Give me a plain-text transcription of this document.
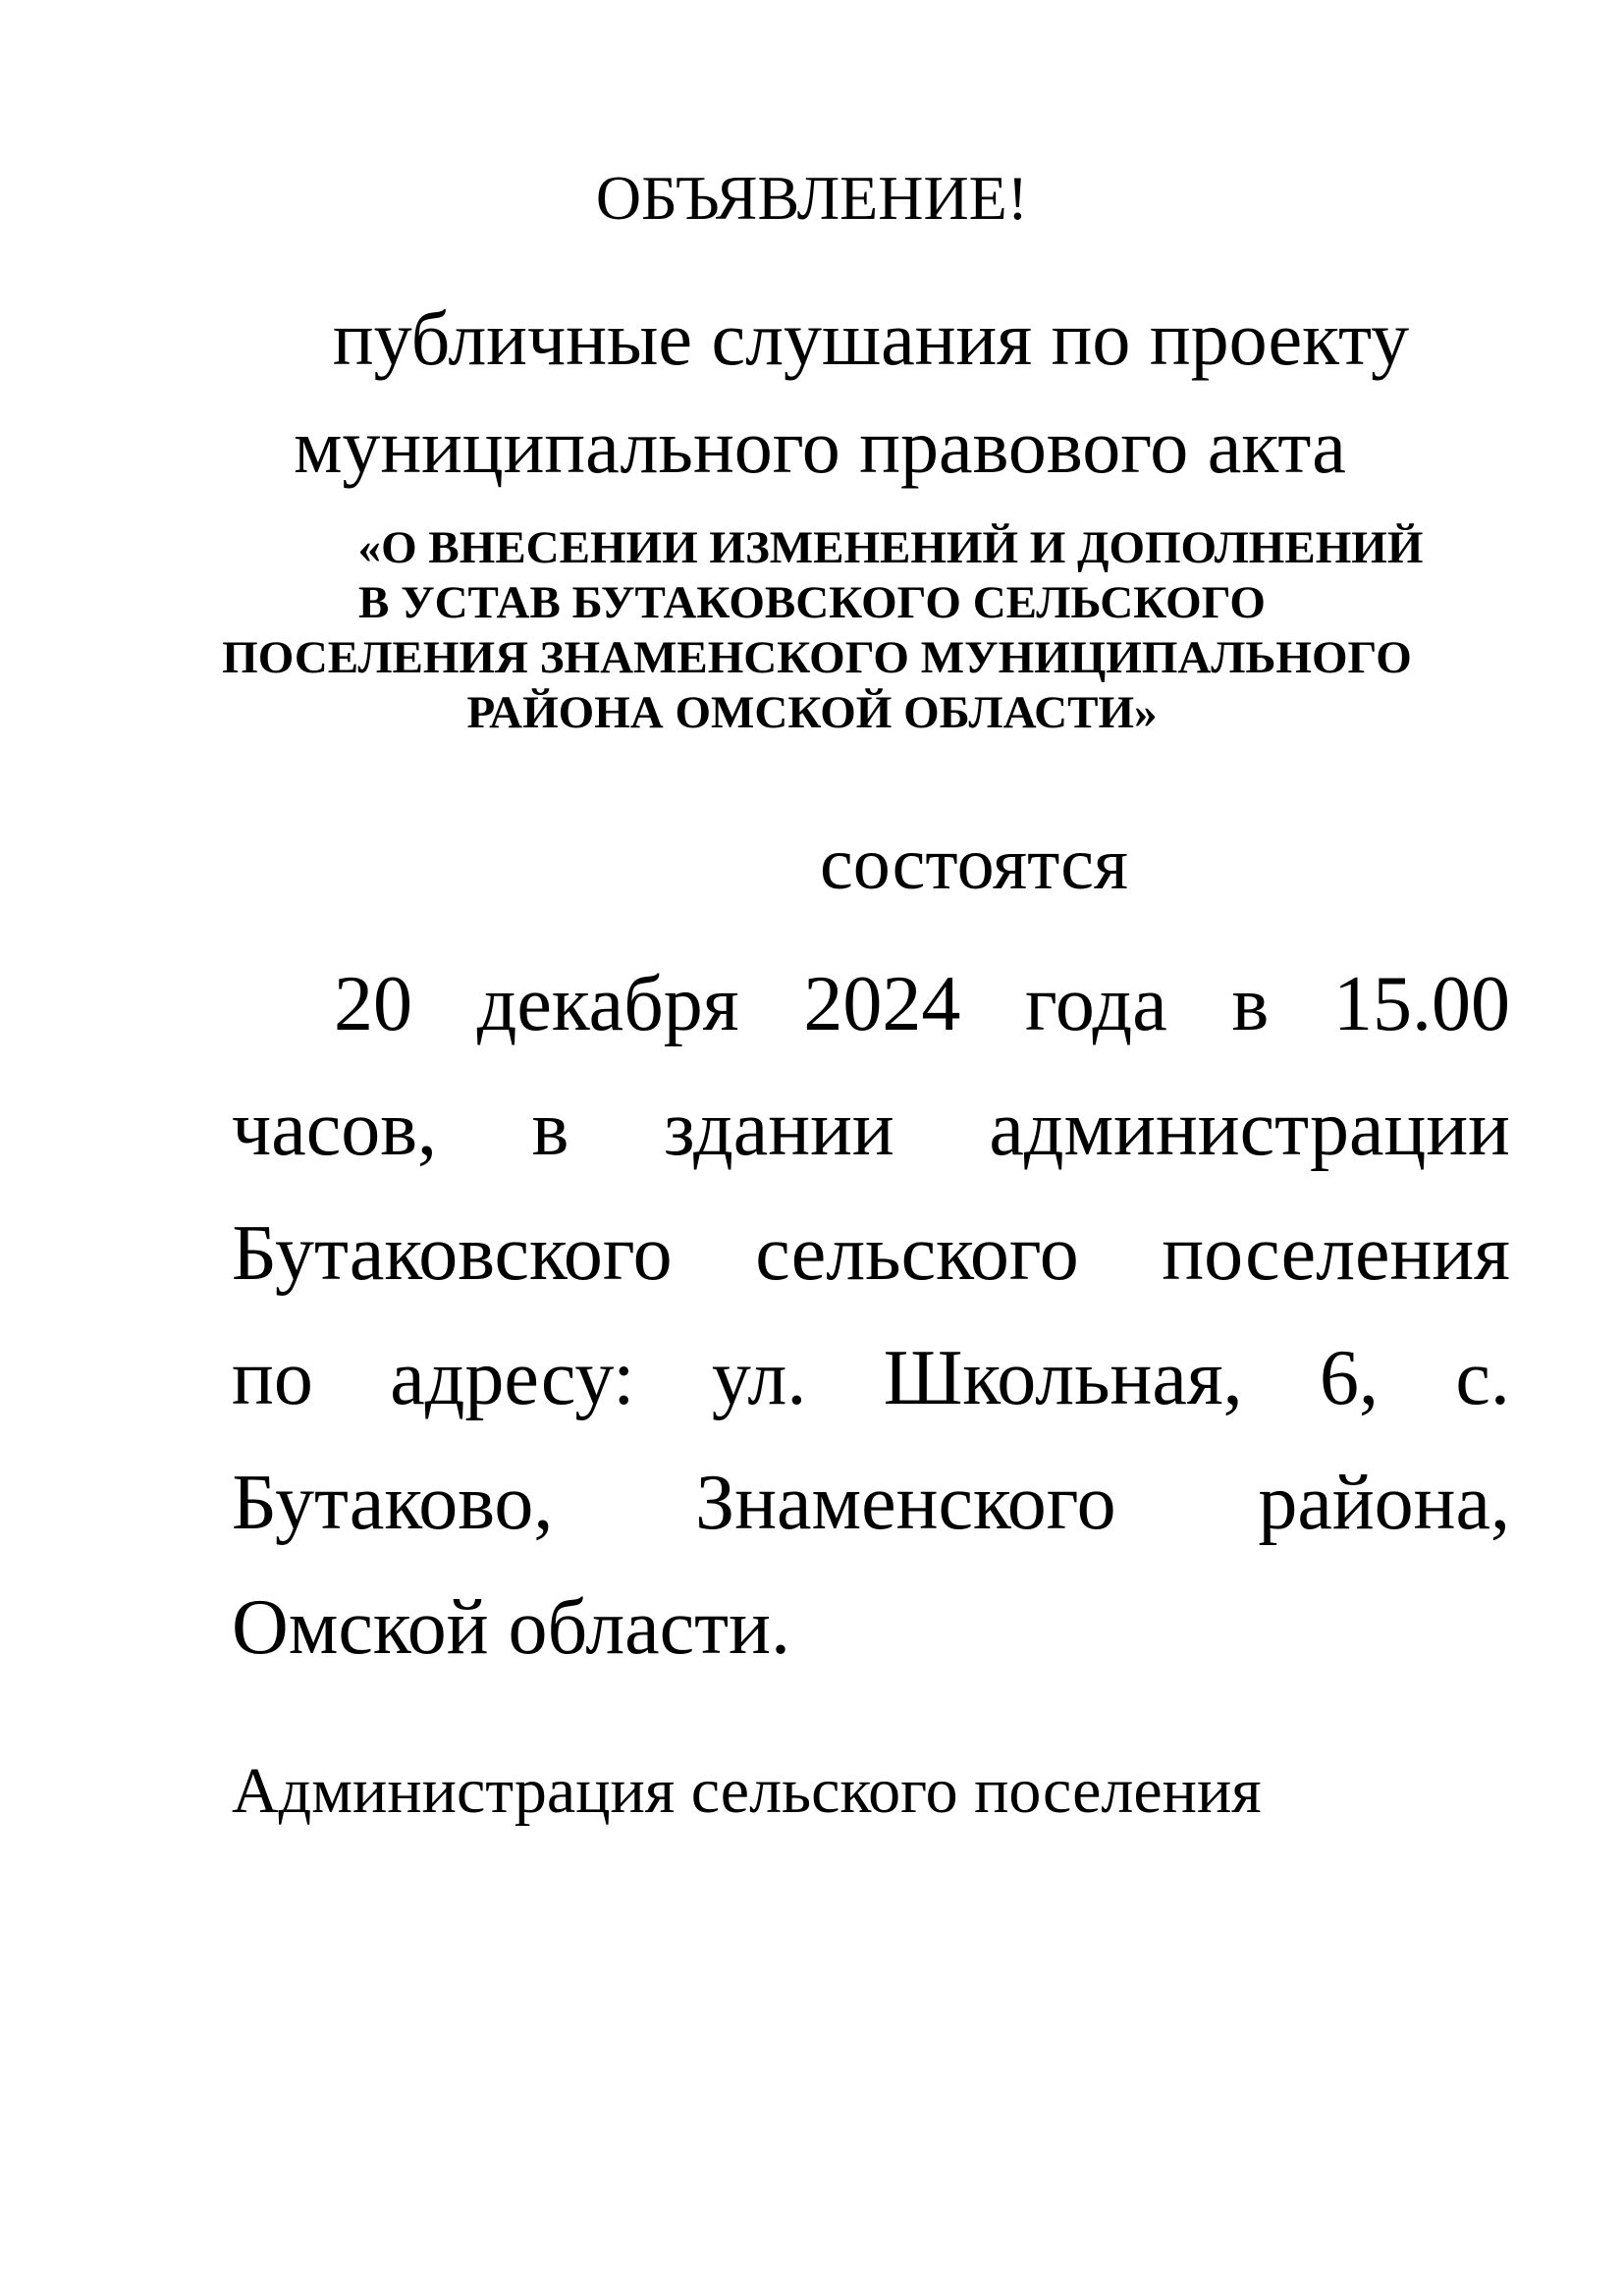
ОБЪЯВЛЕНИЕ!
публичные слушания по проекту
муниципального правового акта
«О ВНЕСЕНИИ ИЗМЕНЕНИЙ И ДОПОЛНЕНИЙ
В УСТАВ БУТАКОВСКОГО СЕЛЬСКОГО
ПОСЕЛЕНИЯ ЗНАМЕНСКОГО МУНИЦИПАЛЬНОГО
РАЙОНА ОМСКОЙ ОБЛАСТИ»
состоятся
20 декабря 2024 года в 15.00
часов, в здании администрации
Бутаковского сельского поселения
по адресу: ул. Школьная, 6, с.
Бутаково, Знаменского района,
Омской области.
Администрация сельского поселения
